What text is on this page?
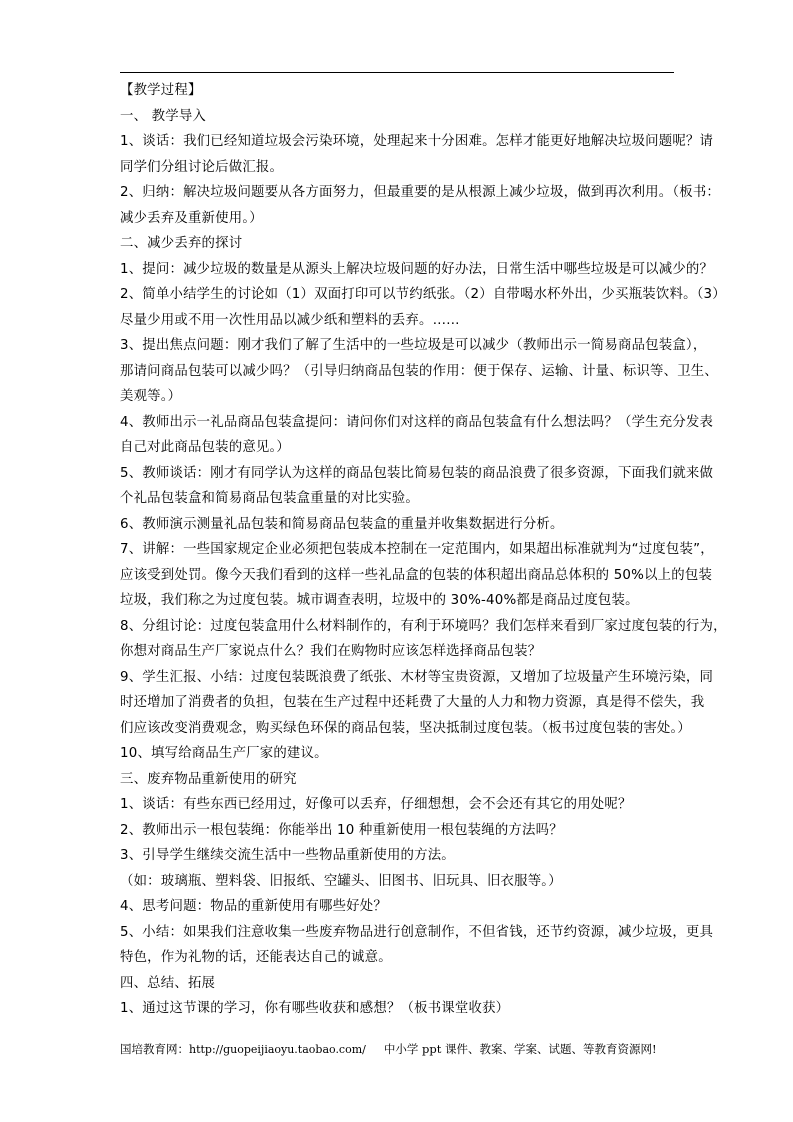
【教学过程】
一、 教学导入
1、谈话：我们已经知道垃圾会污染环境，处理起来十分困难。怎样才能更好地解决垃圾问题呢？请
同学们分组讨论后做汇报。
2、归纳：解决垃圾问题要从各方面努力，但最重要的是从根源上减少垃圾，做到再次利用。（板书：
减少丢弃及重新使用。）
二、减少丢弃的探讨
1、提问：减少垃圾的数量是从源头上解决垃圾问题的好办法，日常生活中哪些垃圾是可以减少的？
2、简单小结学生的讨论如（1）双面打印可以节约纸张。（2）自带喝水杯外出，少买瓶装饮料。（3）
尽量少用或不用一次性用品以减少纸和塑料的丢弃。……
3、提出焦点问题：刚才我们了解了生活中的一些垃圾是可以减少（教师出示一简易商品包装盒），
那请问商品包装可以减少吗？（引导归纳商品包装的作用：便于保存、运输、计量、标识等、卫生、
美观等。）
4、教师出示一礼品商品包装盒提问：请问你们对这样的商品包装盒有什么想法吗？（学生充分发表
自己对此商品包装的意见。）
5、教师谈话：刚才有同学认为这样的商品包装比简易包装的商品浪费了很多资源，下面我们就来做
个礼品包装盒和简易商品包装盒重量的对比实验。
6、教师演示测量礼品包装和简易商品包装盒的重量并收集数据进行分析。
7、讲解：一些国家规定企业必须把包装成本控制在一定范围内，如果超出标准就判为“过度包装”，
应该受到处罚。像今天我们看到的这样一些礼品盒的包装的体积超出商品总体积的 50%以上的包装
垃圾，我们称之为过度包装。城市调查表明，垃圾中的 30%-40%都是商品过度包装。
8、分组讨论：过度包装盒用什么材料制作的，有利于环境吗？我们怎样来看到厂家过度包装的行为，
你想对商品生产厂家说点什么？我们在购物时应该怎样选择商品包装？
9、学生汇报、小结：过度包装既浪费了纸张、木材等宝贵资源，又增加了垃圾量产生环境污染，同
时还增加了消费者的负担，包装在生产过程中还耗费了大量的人力和物力资源，真是得不偿失，我
们应该改变消费观念，购买绿色环保的商品包装，坚决抵制过度包装。（板书过度包装的害处。）
10、填写给商品生产厂家的建议。
三、废弃物品重新使用的研究
1、谈话：有些东西已经用过，好像可以丢弃，仔细想想，会不会还有其它的用处呢？
2、教师出示一根包装绳：你能举出 10 种重新使用一根包装绳的方法吗？
3、引导学生继续交流生活中一些物品重新使用的方法。
（如：玻璃瓶、塑料袋、旧报纸、空罐头、旧图书、旧玩具、旧衣服等。）
4、思考问题：物品的重新使用有哪些好处？
5、小结：如果我们注意收集一些废弃物品进行创意制作，不但省钱，还节约资源，减少垃圾，更具
特色，作为礼物的话，还能表达自己的诚意。
四、总结、拓展
1、通过这节课的学习，你有哪些收获和感想？（板书课堂收获）
国培教育网：http://guopeijiaoyu.taobao.com/ 中小学 ppt 课件、教案、学案、试题、等教育资源网!
